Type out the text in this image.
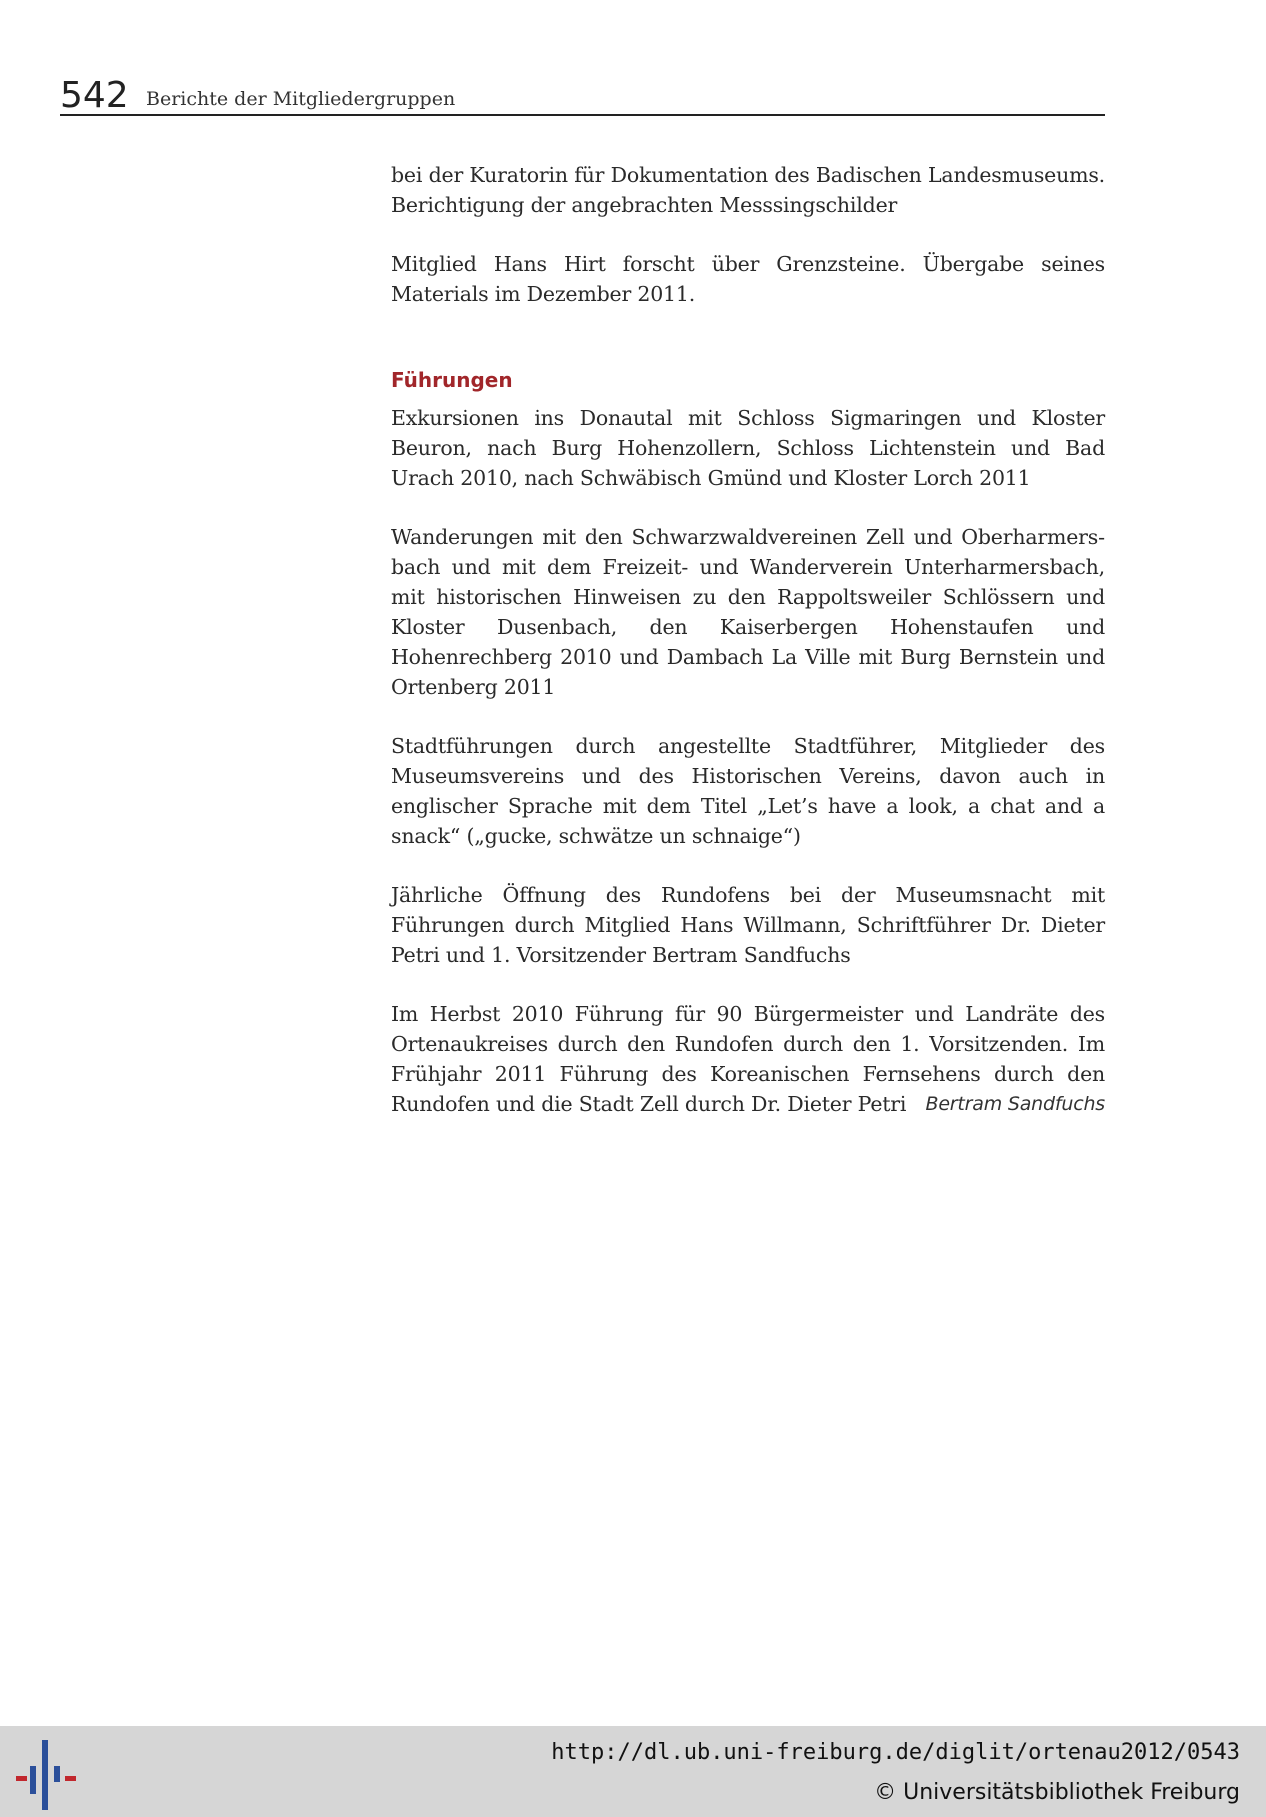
542 Berichte der Mitgliedergruppen

bei der Kuratorin für Dokumentation des Badischen Landesmuseums. Berichtigung der angebrachten Messsingschilder

Mitglied Hans Hirt forscht über Grenzsteine. Übergabe seines Materials im Dezember 2011.

Führungen

Exkursionen ins Donautal mit Schloss Sigmaringen und Kloster Beuron, nach Burg Hohenzollern, Schloss Lichtenstein und Bad Urach 2010, nach Schwäbisch Gmünd und Kloster Lorch 2011

Wanderungen mit den Schwarzwaldvereinen Zell und Oberharmersbach und mit dem Freizeit- und Wanderverein Unterharmersbach, mit historischen Hinweisen zu den Rappoltsweiler Schlössern und Kloster Dusenbach, den Kaiserbergen Hohenstaufen und Hohenrechberg 2010 und Dambach La Ville mit Burg Bernstein und Ortenberg 2011

Stadtführungen durch angestellte Stadtführer, Mitglieder des Museumsvereins und des Historischen Vereins, davon auch in englischer Sprache mit dem Titel „Let’s have a look, a chat and a snack“ („gucke, schwätze un schnaige“)

Jährliche Öffnung des Rundofens bei der Museumsnacht mit Führungen durch Mitglied Hans Willmann, Schriftführer Dr. Dieter Petri und 1. Vorsitzender Bertram Sandfuchs

Im Herbst 2010 Führung für 90 Bürgermeister und Landräte des Ortenaukreises durch den Rundofen durch den 1. Vorsitzenden. Im Frühjahr 2011 Führung des Koreanischen Fernsehens durch den Rundofen und die Stadt Zell durch Dr. Dieter Petri Bertram Sandfuchs

http://dl.ub.uni-freiburg.de/diglit/ortenau2012/0543
© Universitätsbibliothek Freiburg
